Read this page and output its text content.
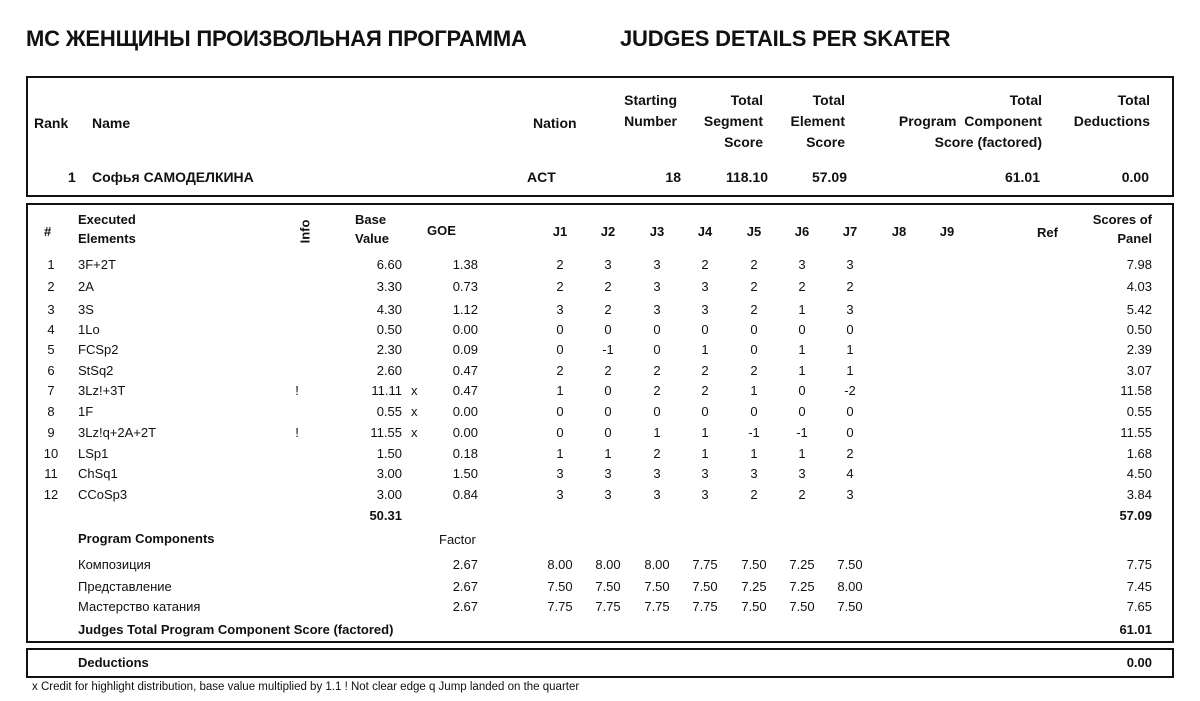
МС ЖЕНЩИНЫ ПРОИЗВОЛЬНАЯ ПРОГРАММА	JUDGES DETAILS PER SKATER
Rank Name	Nation
Starting
Number
Total
Segment
Score
Total
Element
Score
Total
Program  Component
Score (factored)
Total
Deductions
1 Софья САМОДЕЛКИНА	ACT	18	118.10	57.09	61.01	0.00
#
Executed
Elements	Info
Base
Value
GOE	J1	J2	J3	J4	J5	J6	J7	J8	J9	Ref
Scores of
Panel
1	3F+2T	6.60	1.38	2	3	3	2	2	3	3	7.98
2	2A	3.30	0.73	2	2	3	3	2	2	2	4.03
3	3S	4.30	1.12	3	2	3	3	2	1	3	5.42
4	1Lo	0.50	0.00	0	0	0	0	0	0	0	0.50
5	FCSp2	2.30	0.09	0	-1	0	1	0	1	1	2.39
6	StSq2	2.60	0.47	2	2	2	2	2	1	1	3.07
7	3Lz!+3T	!	11.11 x	0.47	1	0	2	2	1	0	-2	11.58
8	1F	0.55 x	0.00	0	0	0	0	0	0	0	0.55
9	3Lz!q+2A+2T	!	11.55 x	0.00	0	0	1	1	-1	-1	0	11.55
10	LSp1	1.50	0.18	1	1	2	1	1	1	2	1.68
11	ChSq1	3.00	1.50	3	3	3	3	3	3	4	4.50
12	CCoSp3	3.00	0.84	3	3	3	3	2	2	3	3.84
50.31	57.09
Program Components	Factor
Композиция	2.67	8.00	8.00	8.00	7.75	7.50	7.25	7.50	7.75
Представление	2.67	7.50	7.50	7.50	7.50	7.25	7.25	8.00	7.45
Мастерство катания	2.67	7.75	7.75	7.75	7.75	7.50	7.50	7.50	7.65
Judges Total Program Component Score (factored)	61.01
Deductions	0.00
x Credit for highlight distribution, base value multiplied by 1.1 ! Not clear edge q Jump landed on the quarter
